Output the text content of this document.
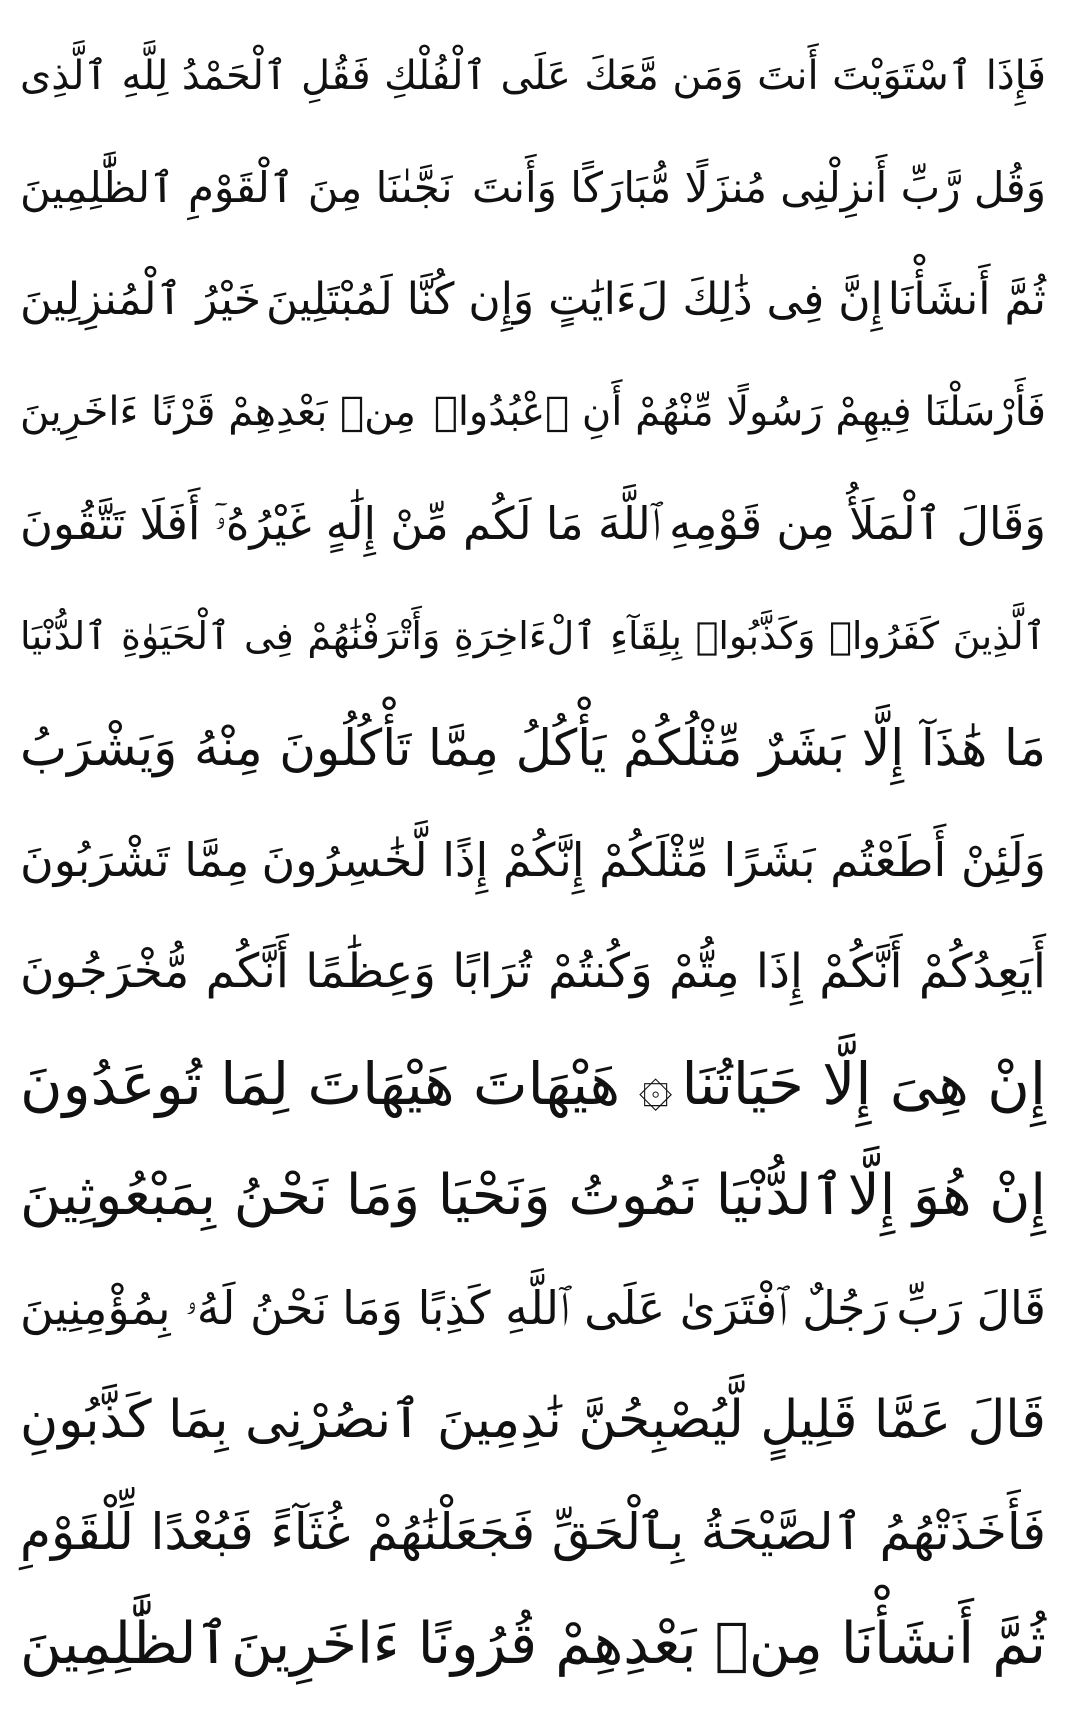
فَإِذَا ٱسْتَوَيْتَ أَنتَ وَمَن مَّعَكَ عَلَى ٱلْفُلْكِ فَقُلِ ٱلْحَمْدُ لِلَّهِ ٱلَّذِى
وَقُل رَّبِّ أَنزِلْنِى مُنزَلًا مُّبَارَكًا وَأَنتَ
نَجَّىٰنَا مِنَ ٱلْقَوْمِ ٱلظَّٰلِمِينَ
ثُمَّ أَنشَأْنَا
إِنَّ فِى ذَٰلِكَ لَءَايَٰتٍ وَإِن كُنَّا لَمُبْتَلِينَ
خَيْرُ ٱلْمُنزِلِينَ
فَأَرْسَلْنَا فِيهِمْ رَسُولًا مِّنْهُمْ أَنِ ٱعْبُدُوا۟
مِنۢ بَعْدِهِمْ قَرْنًا ءَاخَرِينَ
وَقَالَ ٱلْمَلَأُ مِن قَوْمِهِ
ٱللَّهَ مَا لَكُم مِّنْ إِلَٰهٍ غَيْرُهُۥٓ أَفَلَا تَتَّقُونَ
ٱلَّذِينَ كَفَرُوا۟ وَكَذَّبُوا۟ بِلِقَآءِ ٱلْءَاخِرَةِ وَأَتْرَفْنَٰهُمْ فِى ٱلْحَيَوٰةِ ٱلدُّنْيَا
مَا هَٰذَآ إِلَّا بَشَرٌ مِّثْلُكُمْ يَأْكُلُ مِمَّا تَأْكُلُونَ مِنْهُ وَيَشْرَبُ
وَلَئِنْ أَطَعْتُم بَشَرًا مِّثْلَكُمْ إِنَّكُمْ إِذًا لَّخَٰسِرُونَ
مِمَّا تَشْرَبُونَ
أَيَعِدُكُمْ أَنَّكُمْ إِذَا مِتُّمْ وَكُنتُمْ تُرَابًا وَعِظَٰمًا أَنَّكُم مُّخْرَجُونَ
إِنْ هِىَ إِلَّا حَيَاتُنَا
۞ هَيْهَاتَ هَيْهَاتَ لِمَا تُوعَدُونَ
إِنْ هُوَ إِلَّا
ٱلدُّنْيَا نَمُوتُ وَنَحْيَا وَمَا نَحْنُ بِمَبْعُوثِينَ
قَالَ رَبِّ
رَجُلٌ ٱفْتَرَىٰ عَلَى ٱللَّهِ كَذِبًا وَمَا نَحْنُ لَهُۥ بِمُؤْمِنِينَ
قَالَ عَمَّا قَلِيلٍ لَّيُصْبِحُنَّ نَٰدِمِينَ
ٱنصُرْنِى بِمَا كَذَّبُونِ
فَأَخَذَتْهُمُ ٱلصَّيْحَةُ بِٱلْحَقِّ فَجَعَلْنَٰهُمْ غُثَآءً فَبُعْدًا لِّلْقَوْمِ
ثُمَّ أَنشَأْنَا مِنۢ بَعْدِهِمْ قُرُونًا ءَاخَرِينَ
ٱلظَّٰلِمِينَ
